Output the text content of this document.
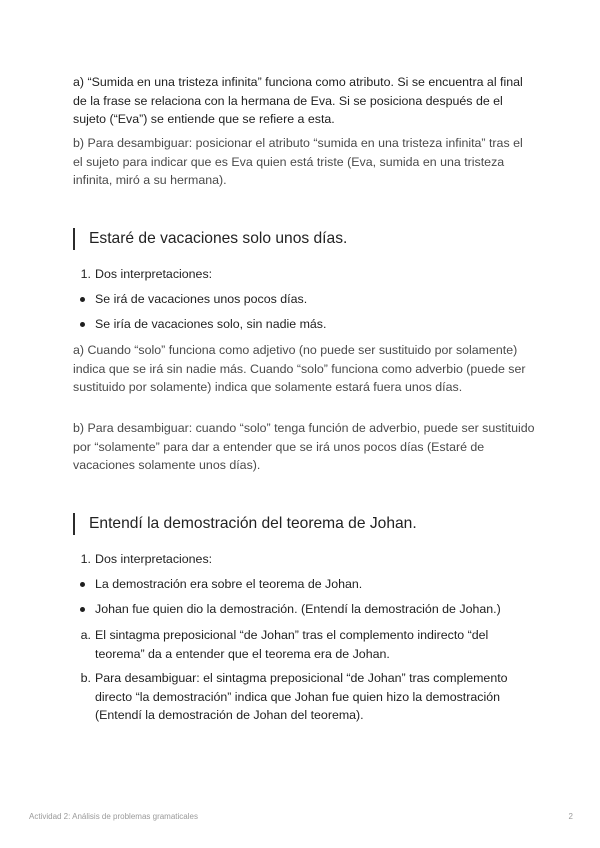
a) “Sumida en una tristeza infinita” funciona como atributo. Si se encuentra al final de la frase se relaciona con la hermana de Eva. Si se posiciona después de el sujeto (“Eva”) se entiende que se refiere a esta.

b) Para desambiguar: posicionar el atributo “sumida en una tristeza infinita” tras el el sujeto para indicar que es Eva quien está triste (Eva, sumida en una tristeza infinita, miró a su hermana).

Estaré de vacaciones solo unos días.
1. Dos interpretaciones:
Se irá de vacaciones unos pocos días.
Se iría de vacaciones solo, sin nadie más.

a) Cuando “solo” funciona como adjetivo (no puede ser sustituido por solamente) indica que se irá sin nadie más. Cuando “solo” funciona como adverbio (puede ser sustituido por solamente) indica que solamente estará fuera unos días.

b) Para desambiguar: cuando “solo” tenga función de adverbio, puede ser sustituido por “solamente” para dar a entender que se irá unos pocos días (Estaré de vacaciones solamente unos días).

Entendí la demostración del teorema de Johan.
1. Dos interpretaciones:
La demostración era sobre el teorema de Johan.
Johan fue quien dio la demostración. (Entendí la demostración de Johan.)
a. El sintagma preposicional “de Johan” tras el complemento indirecto “del teorema” da a entender que el teorema era de Johan.
b. Para desambiguar: el sintagma preposicional “de Johan” tras complemento directo “la demostración” indica que Johan fue quien hizo la demostración (Entendí la demostración de Johan del teorema).
Actividad 2: Análisis de problemas gramaticales	2
